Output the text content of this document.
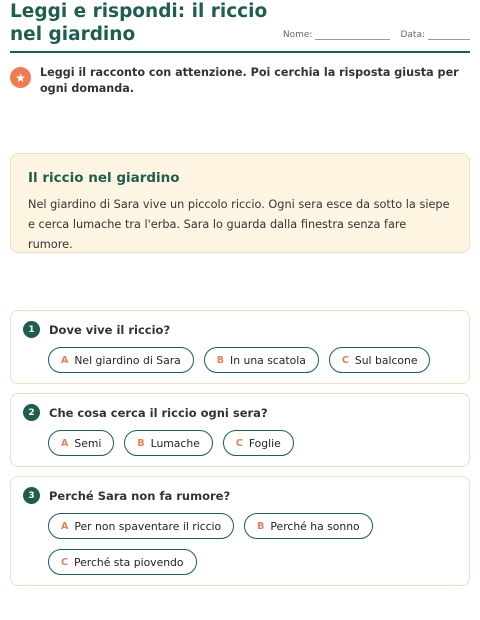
Leggi e rispondi: il riccio nel giardino	Nome:	Data:
★	Leggi il racconto con attenzione. Poi cerchia la risposta giusta per ogni domanda.
Il riccio nel giardino
Nel giardino di Sara vive un piccolo riccio. Ogni sera esce da sotto la siepe e cerca lumache tra l'erba. Sara lo guarda dalla finestra senza fare rumore.
1	Dove vive il riccio?
A Nel giardino di Sara	B In una scatola	C Sul balcone
2	Che cosa cerca il riccio ogni sera?
A Semi	B Lumache	C Foglie
3	Perché Sara non fa rumore?
A Per non spaventare il riccio	B Perché ha sonno
C Perché sta piovendo
